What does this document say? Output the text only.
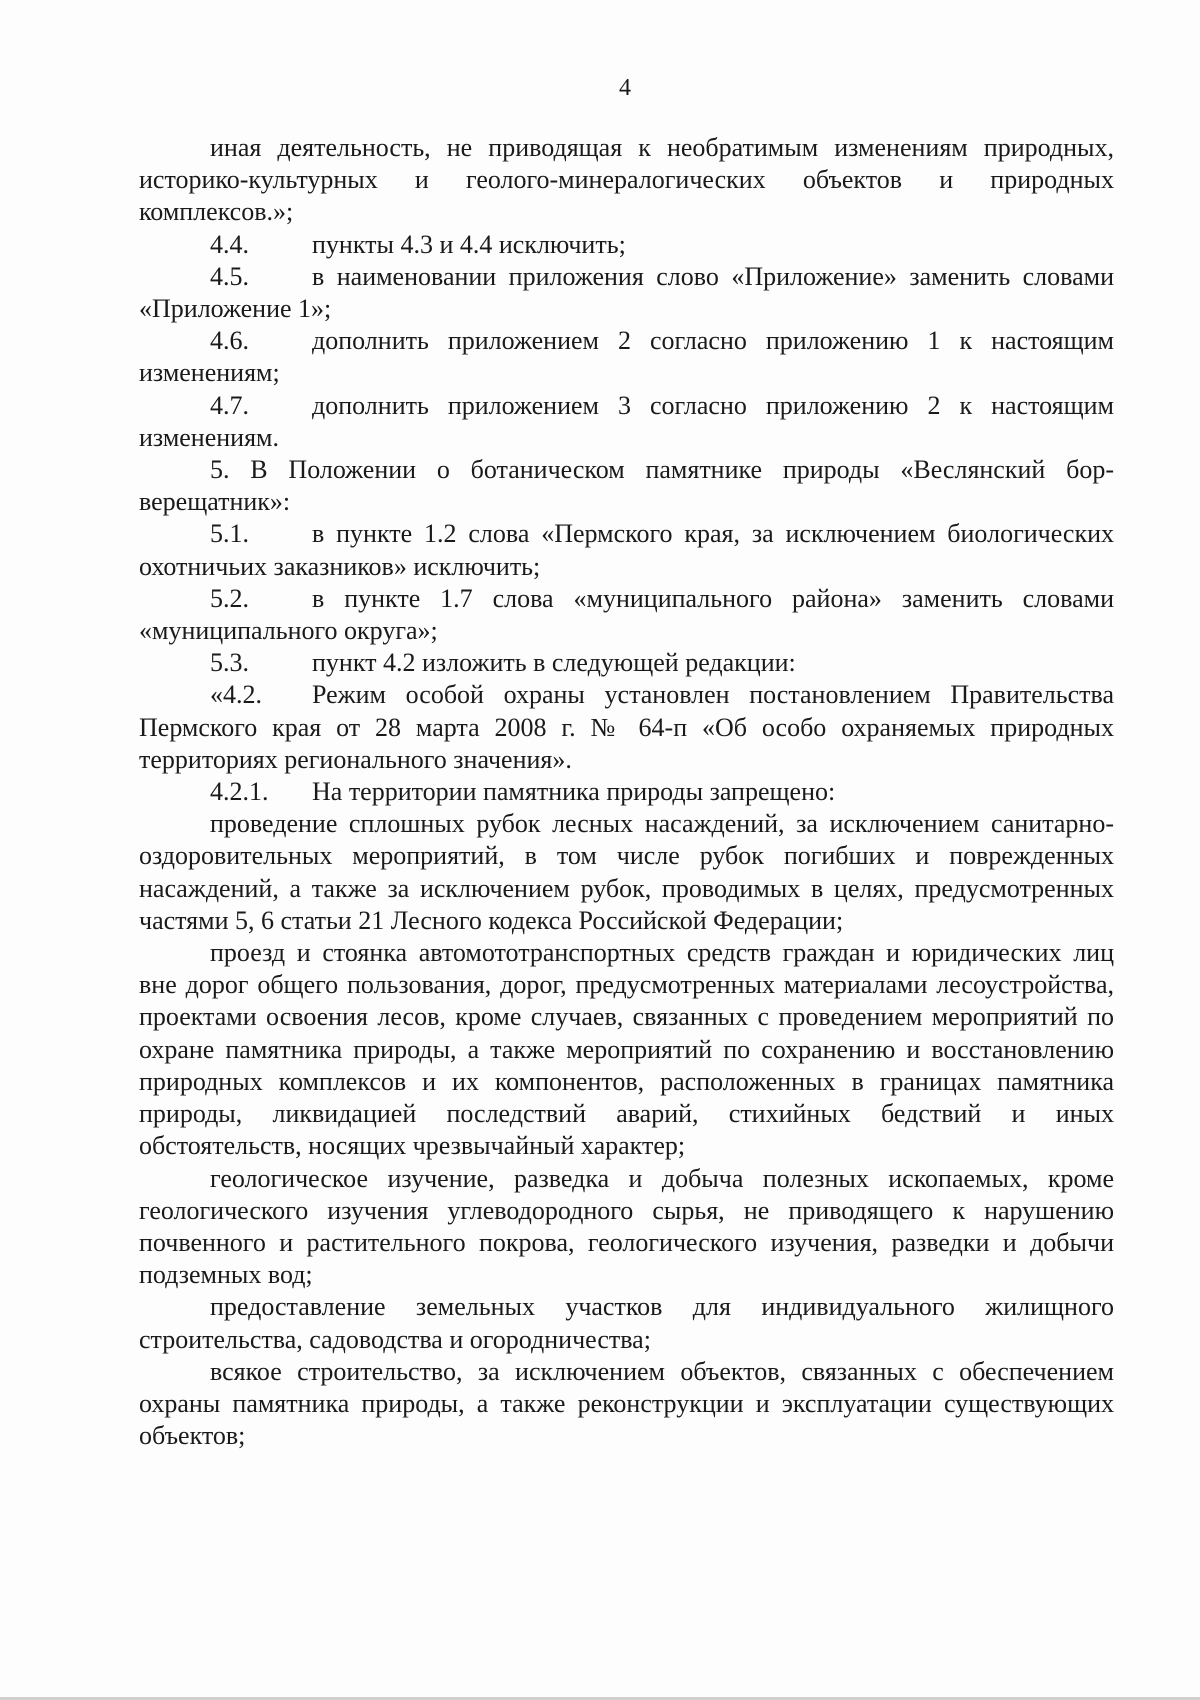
4

иная деятельность, не приводящая к необратимым изменениям природных, историко-культурных и геолого-минералогических объектов и природных комплексов.»;

4.4. пункты 4.3 и 4.4 исключить;

4.5. в наименовании приложения слово «Приложение» заменить словами «Приложение 1»;

4.6. дополнить приложением 2 согласно приложению 1 к настоящим изменениям;

4.7. дополнить приложением 3 согласно приложению 2 к настоящим изменениям.

5. В Положении о ботаническом памятнике природы «Веслянский бор-верещатник»:

5.1. в пункте 1.2 слова «Пермского края, за исключением биологических охотничьих заказников» исключить;

5.2. в пункте 1.7 слова «муниципального района» заменить словами «муниципального округа»;

5.3. пункт 4.2 изложить в следующей редакции:

«4.2. Режим особой охраны установлен постановлением Правительства Пермского края от 28 марта 2008 г. № 64-п «Об особо охраняемых природных территориях регионального значения».

4.2.1. На территории памятника природы запрещено:

проведение сплошных рубок лесных насаждений, за исключением санитарно-оздоровительных мероприятий, в том числе рубок погибших и поврежденных насаждений, а также за исключением рубок, проводимых в целях, предусмотренных частями 5, 6 статьи 21 Лесного кодекса Российской Федерации;

проезд и стоянка автомототранспортных средств граждан и юридических лиц вне дорог общего пользования, дорог, предусмотренных материалами лесоустройства, проектами освоения лесов, кроме случаев, связанных с проведением мероприятий по охране памятника природы, а также мероприятий по сохранению и восстановлению природных комплексов и их компонентов, расположенных в границах памятника природы, ликвидацией последствий аварий, стихийных бедствий и иных обстоятельств, носящих чрезвычайный характер;

геологическое изучение, разведка и добыча полезных ископаемых, кроме геологического изучения углеводородного сырья, не приводящего к нарушению почвенного и растительного покрова, геологического изучения, разведки и добычи подземных вод;

предоставление земельных участков для индивидуального жилищного строительства, садоводства и огородничества;

всякое строительство, за исключением объектов, связанных с обеспечением охраны памятника природы, а также реконструкции и эксплуатации существующих объектов;
